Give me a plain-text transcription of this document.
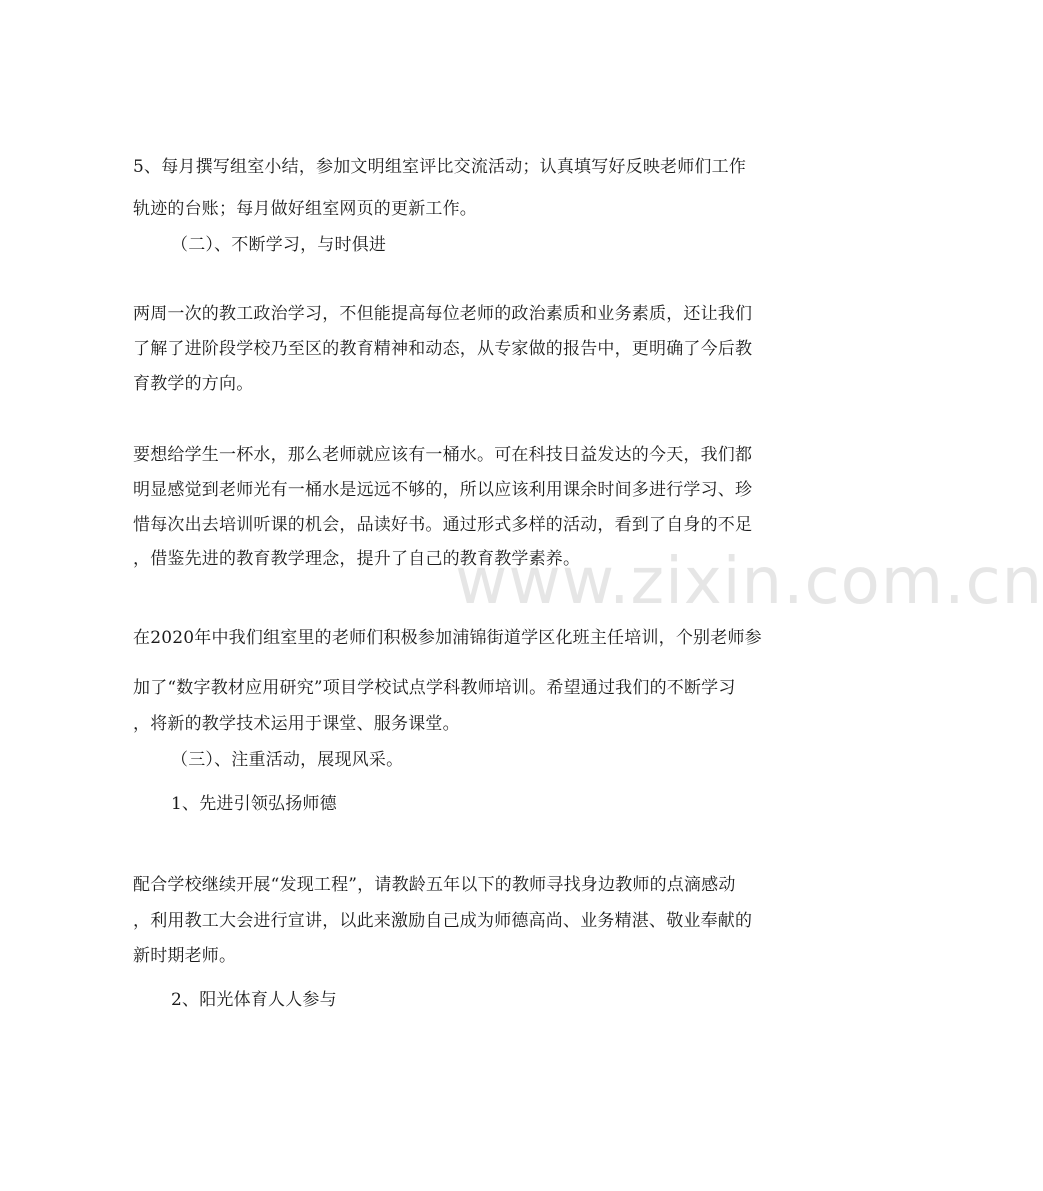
www.zixin.com.cn
5、每月撰写组室小结，参加文明组室评比交流活动；认真填写好反映老师们工作
轨迹的台账；每月做好组室网页的更新工作。
（二）、不断学习，与时俱进
两周一次的教工政治学习，不但能提高每位老师的政治素质和业务素质，还让我们
了解了进阶段学校乃至区的教育精神和动态，从专家做的报告中，更明确了今后教
育教学的方向。
要想给学生一杯水，那么老师就应该有一桶水。可在科技日益发达的今天，我们都
明显感觉到老师光有一桶水是远远不够的，所以应该利用课余时间多进行学习、珍
惜每次出去培训听课的机会，品读好书。通过形式多样的活动，看到了自身的不足
，借鉴先进的教育教学理念，提升了自己的教育教学素养。
在2020年中我们组室里的老师们积极参加浦锦街道学区化班主任培训，个别老师参
加了“数字教材应用研究”项目学校试点学科教师培训。希望通过我们的不断学习
，将新的教学技术运用于课堂、服务课堂。
（三）、注重活动，展现风采。
1、先进引领弘扬师德
配合学校继续开展“发现工程”，请教龄五年以下的教师寻找身边教师的点滴感动
，利用教工大会进行宣讲，以此来激励自己成为师德高尚、业务精湛、敬业奉献的
新时期老师。
2、阳光体育人人参与
